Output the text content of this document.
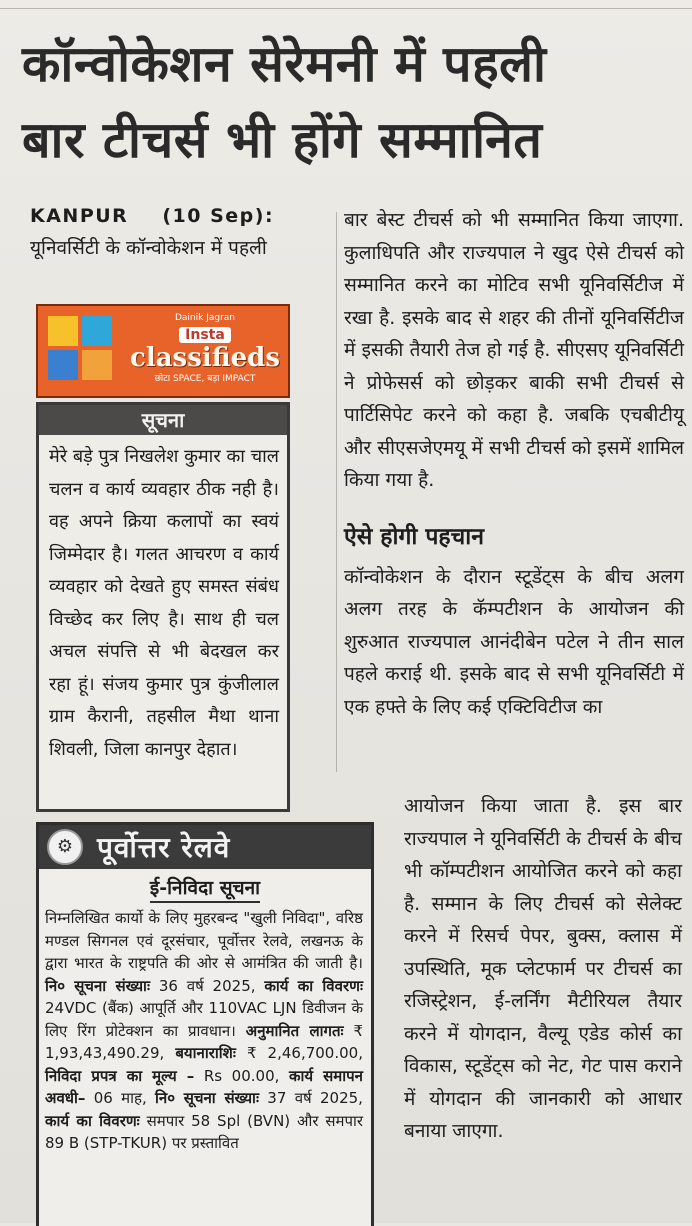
कॉन्वोकेशन सेरेमनी में पहली
बार टीचर्स भी होंगे सम्मानित
KANPUR (10 Sep):
यूनिवर्सिटी के कॉन्वोकेशन में पहली
Dainik Jagran
Insta
classifieds
छोटा SPACE, बड़ा IMPACT
सूचना
मेरे बड़े पुत्र निखलेश कुमार का चाल चलन व कार्य व्यवहार ठीक नही है। वह अपने क्रिया कलापों का स्वयं जिम्मेदार है। गलत आचरण व कार्य व्यवहार को देखते हुए समस्त संबंध विच्छेद कर लिए है। साथ ही चल अचल संपत्ति से भी बेदखल कर रहा हूं। संजय कुमार पुत्र कुंजीलाल ग्राम कैरानी, तहसील मैथा थाना शिवली, जिला कानपुर देहात।
⚙ पूर्वोत्तर रेलवे
ई-निविदा सूचना
निम्नलिखित कार्यो के लिए मुहरबन्द "खुली निविदा", वरिष्ठ मण्डल सिगनल एवं दूरसंचार, पूर्वोत्तर रेलवे, लखनऊ के द्वारा भारत के राष्ट्रपति की ओर से आमंत्रित की जाती है। नि० सूचना संख्याः 36 वर्ष 2025, कार्य का विवरणः 24VDC (बैंक) आपूर्ति और 110VAC LJN डिवीजन के लिए रिंग प्रोटेक्शन का प्रावधान। अनुमानित लागतः ₹ 1,93,43,490.29, बयानाराशिः ₹ 2,46,700.00, निविदा प्रपत्र का मूल्य – Rs 00.00, कार्य समापन अवधी– 06 माह, नि० सूचना संख्याः 37 वर्ष 2025, कार्य का विवरणः समपार 58 Spl (BVN) और समपार 89 B (STP-TKUR) पर प्रस्तावित
बार बेस्ट टीचर्स को भी सम्मानित किया जाएगा. कुलाधिपति और राज्यपाल ने खुद ऐसे टीचर्स को सम्मानित करने का मोटिव सभी यूनिवर्सिटीज में रखा है. इसके बाद से शहर की तीनों यूनिवर्सिटीज में इसकी तैयारी तेज हो गई है. सीएसए यूनिवर्सिटी ने प्रोफेसर्स को छोड़कर बाकी सभी टीचर्स से पार्टिसिपेट करने को कहा है. जबकि एचबीटीयू और सीएसजेएमयू में सभी टीचर्स को इसमें शामिल किया गया है.
ऐसे होगी पहचान
कॉन्वोकेशन के दौरान स्टूडेंट्स के बीच अलग अलग तरह के कॅम्पटीशन के आयोजन की शुरुआत राज्यपाल आनंदीबेन पटेल ने तीन साल पहले कराई थी. इसके बाद से सभी यूनिवर्सिटी में एक हफ्ते के लिए कई एक्टिविटीज का
आयोजन किया जाता है. इस बार राज्यपाल ने यूनिवर्सिटी के टीचर्स के बीच भी कॉम्पटीशन आयोजित करने को कहा है. सम्मान के लिए टीचर्स को सेलेक्ट करने में रिसर्च पेपर, बुक्स, क्लास में उपस्थिति, मूक प्लेटफार्म पर टीचर्स का रजिस्ट्रेशन, ई-लर्निंग मैटीरियल तैयार करने में योगदान, वैल्यू एडेड कोर्स का विकास, स्टूडेंट्स को नेट, गेट पास कराने में योगदान की जानकारी को आधार बनाया जाएगा.
